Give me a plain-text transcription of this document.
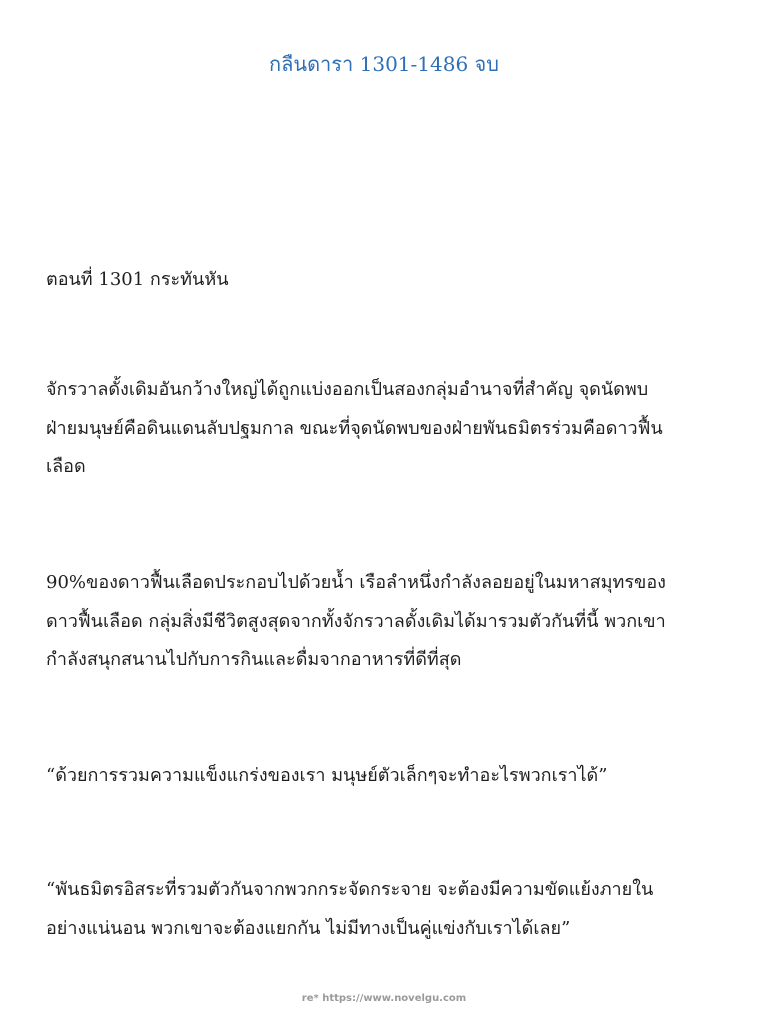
กลืนดารา 1301-1486 จบ
ตอนที่ 1301 กระทันหัน

จักรวาลดั้งเดิมอันกว้างใหญ่ได้ถูกแบ่งออกเป็นสองกลุ่มอำนาจที่สำคัญ จุดนัดพบ
ฝ่ายมนุษย์คือดินแดนลับปฐมกาล ขณะที่จุดนัดพบของฝ่ายพันธมิตรร่วมคือดาวฟื้น
เลือด

90%ของดาวฟื้นเลือดประกอบไปด้วยน้ำ เรือลำหนึ่งกำลังลอยอยู่ในมหาสมุทรของ
ดาวฟื้นเลือด กลุ่มสิ่งมีชีวิตสูงสุดจากทั้งจักรวาลดั้งเดิมได้มารวมตัวกันที่นี้ พวกเขา
กำลังสนุกสนานไปกับการกินและดื่มจากอาหารที่ดีที่สุด

“ด้วยการรวมความแข็งแกร่งของเรา มนุษย์ตัวเล็กๆจะทำอะไรพวกเราได้”

“พันธมิตรอิสระที่รวมตัวกันจากพวกกระจัดกระจาย จะต้องมีความขัดแย้งภายใน
อย่างแน่นอน พวกเขาจะต้องแยกกัน ไม่มีทางเป็นคู่แข่งกับเราได้เลย”

re* https://www.novelgu.com
